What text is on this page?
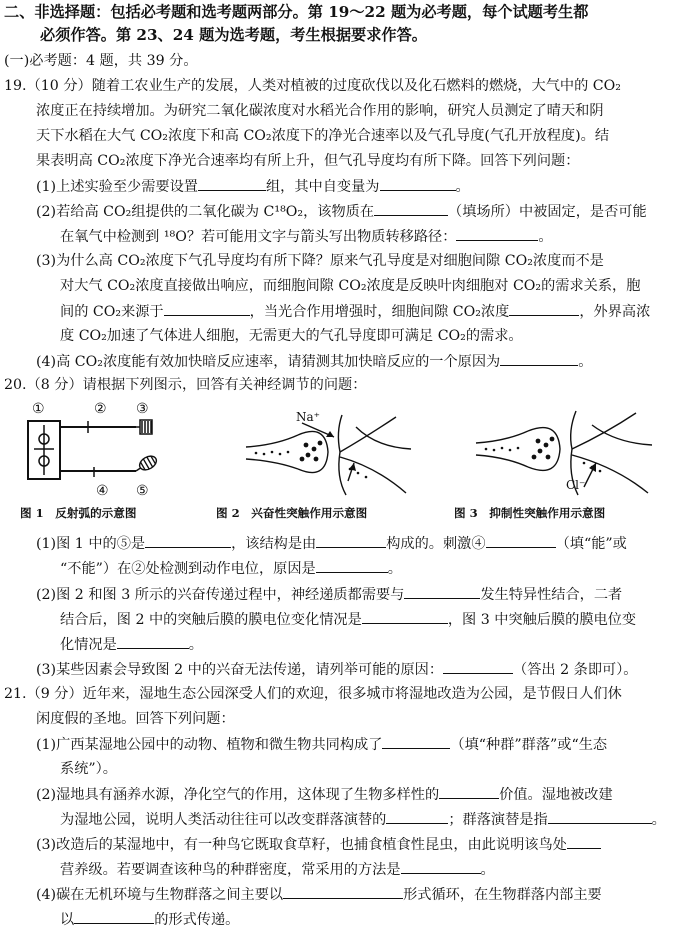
二、非选择题：包括必考题和选考题两部分。第 19～22 题为必考题，每个试题考生都
必须作答。第 23、24 题为选考题，考生根据要求作答。
(一)必考题：4 题，共 39 分。
19.（10 分）随着工农业生产的发展，人类对植被的过度砍伐以及化石燃料的燃烧，大气中的 CO₂
浓度正在持续增加。为研究二氧化碳浓度对水稻光合作用的影响，研究人员测定了晴天和阴
天下水稻在大气 CO₂浓度下和高 CO₂浓度下的净光合速率以及气孔导度(气孔开放程度)。结
果表明高 CO₂浓度下净光合速率均有所上升，但气孔导度均有所下降。回答下列问题：
(1)上述实验至少需要设置	组，其中自变量为	。
(2)若给高 CO₂组提供的二氧化碳为 C¹⁸O₂，该物质在	（填场所）中被固定，是否可能
在氧气中检测到 ¹⁸O？若可能用文字与箭头写出物质转移路径：	。
(3)为什么高 CO₂浓度下气孔导度均有所下降？原来气孔导度是对细胞间隙 CO₂浓度而不是
对大气 CO₂浓度直接做出响应，而细胞间隙 CO₂浓度是反映叶肉细胞对 CO₂的需求关系，胞
间的 CO₂来源于	，当光合作用增强时，细胞间隙 CO₂浓度	，外界高浓
度 CO₂加速了气体进人细胞，无需更大的气孔导度即可满足 CO₂的需求。
(4)高 CO₂浓度能有效加快暗反应速率，请猜测其加快暗反应的一个原因为	。
20.（8 分）请根据下列图示，回答有关神经调节的问题：
①	② ③
④ ⑤
Na⁺
Cl⁻
图 1　反射弧的示意图	图 2　兴奋性突触作用示意图	图 3　抑制性突触作用示意图
(1)图 1 中的⑤是	，该结构是由	构成的。刺激④	（填“能”或
“不能”）在②处检测到动作电位，原因是	。
(2)图 2 和图 3 所示的兴奋传递过程中，神经递质都需要与	发生特异性结合，二者
结合后，图 2 中的突触后膜的膜电位变化情况是	，图 3 中突触后膜的膜电位变
化情况是	。
(3)某些因素会导致图 2 中的兴奋无法传递，请列举可能的原因：	（答出 2 条即可）。
21.（9 分）近年来，湿地生态公园深受人们的欢迎，很多城市将湿地改造为公园，是节假日人们休
闲度假的圣地。回答下列问题：
(1)广西某湿地公园中的动物、植物和微生物共同构成了	（填“种群”群落”或“生态
系统”）。
(2)湿地具有涵养水源，净化空气的作用，这体现了生物多样性的	价值。湿地被改建
为湿地公园，说明人类活动往往可以改变群落演替的	；群落演替是指	。
(3)改造后的某湿地中，有一种鸟它既取食草籽，也捕食植食性昆虫，由此说明该鸟处
营养级。若要调查该种鸟的种群密度，常采用的方法是	。
(4)碳在无机环境与生物群落之间主要以	形式循环，在生物群落内部主要
以	的形式传递。
